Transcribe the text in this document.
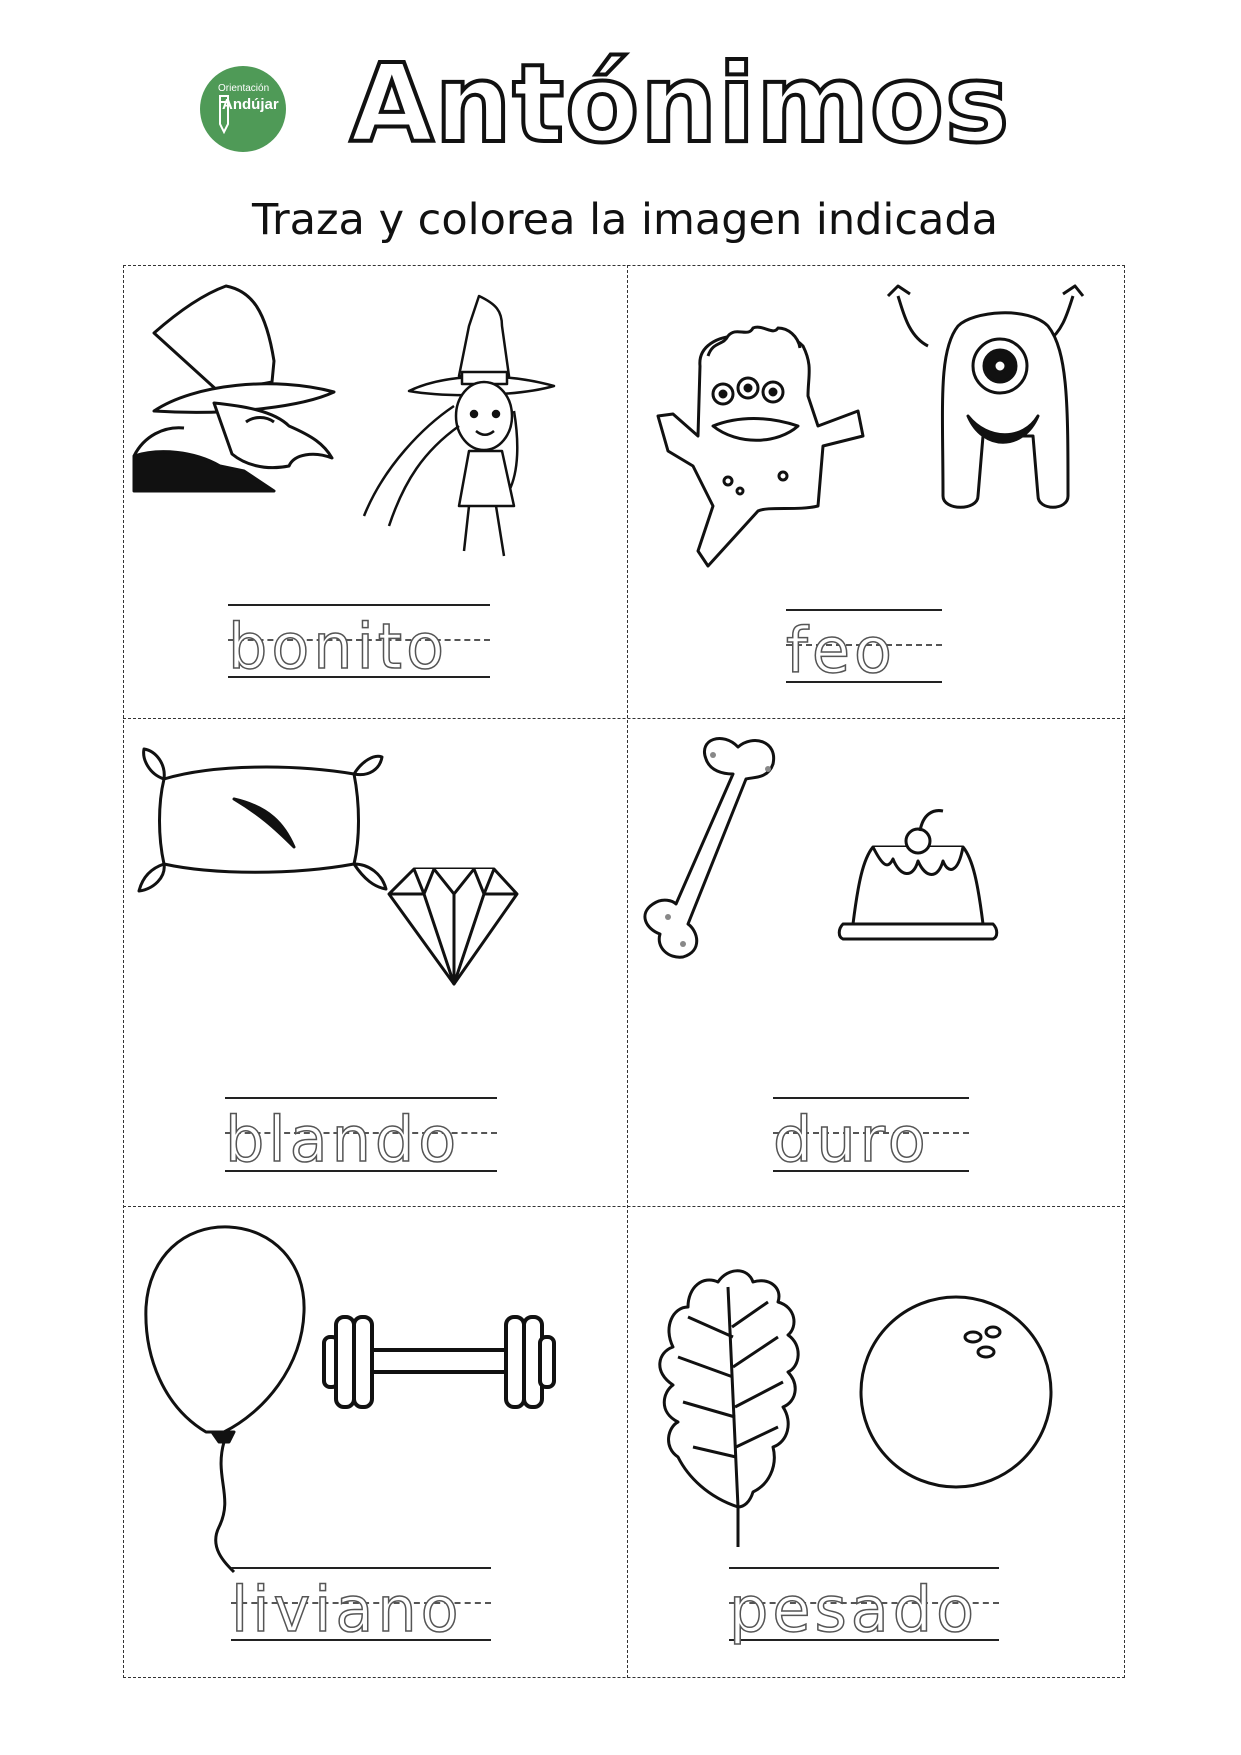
Orientación
Andújar Antónimos
Traza y colorea la imagen indicada
bonito	feo
blando	duro
liviano	pesado
